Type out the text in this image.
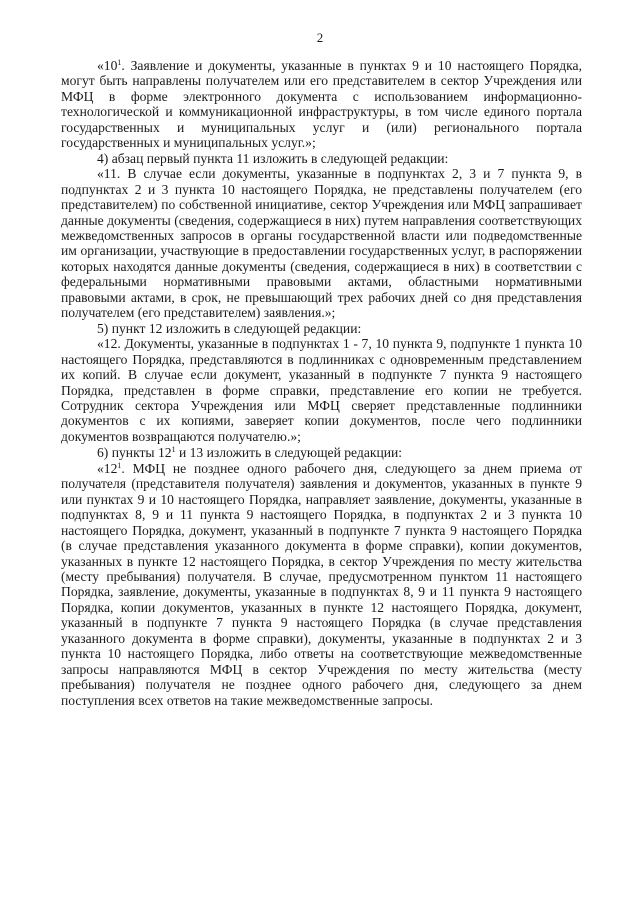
2

«$10^1$. Заявление и документы, указанные в пунктах 9 и 10 настоящего Порядка, могут быть направлены получателем или его представителем в сектор Учреждения или МФЦ в форме электронного документа с использованием информационно-технологической и коммуникационной инфраструктуры, в том числе единого портала государственных и муниципальных услуг и (или) регионального портала государственных и муниципальных услуг.»;

4) абзац первый пункта 11 изложить в следующей редакции:

«11. В случае если документы, указанные в подпунктах 2, 3 и 7 пункта 9, в подпунктах 2 и 3 пункта 10 настоящего Порядка, не представлены получателем (его представителем) по собственной инициативе, сектор Учреждения или МФЦ запрашивает данные документы (сведения, содержащиеся в них) путем направления соответствующих межведомственных запросов в органы государственной власти или подведомственные им организации, участвующие в предоставлении государственных услуг, в распоряжении которых находятся данные документы (сведения, содержащиеся в них) в соответствии с федеральными нормативными правовыми актами, областными нормативными правовыми актами, в срок, не превышающий трех рабочих дней со дня представления получателем (его представителем) заявления.»;

5) пункт 12 изложить в следующей редакции:

«12. Документы, указанные в подпунктах 1 - 7, 10 пункта 9, подпункте 1 пункта 10 настоящего Порядка, представляются в подлинниках с одновременным представлением их копий. В случае если документ, указанный в подпункте 7 пункта 9 настоящего Порядка, представлен в форме справки, представление его копии не требуется. Сотрудник сектора Учреждения или МФЦ сверяет представленные подлинники документов с их копиями, заверяет копии документов, после чего подлинники документов возвращаются получателю.»;

6) пункты $12^1$ и 13 изложить в следующей редакции:

«$12^1$. МФЦ не позднее одного рабочего дня, следующего за днем приема от получателя (представителя получателя) заявления и документов, указанных в пункте 9 или пунктах 9 и 10 настоящего Порядка, направляет заявление, документы, указанные в подпунктах 8, 9 и 11 пункта 9 настоящего Порядка, в подпунктах 2 и 3 пункта 10 настоящего Порядка, документ, указанный в подпункте 7 пункта 9 настоящего Порядка (в случае представления указанного документа в форме справки), копии документов, указанных в пункте 12 настоящего Порядка, в сектор Учреждения по месту жительства (месту пребывания) получателя. В случае, предусмотренном пунктом 11 настоящего Порядка, заявление, документы, указанные в подпунктах 8, 9 и 11 пункта 9 настоящего Порядка, копии документов, указанных в пункте 12 настоящего Порядка, документ, указанный в подпункте 7 пункта 9 настоящего Порядка (в случае представления указанного документа в форме справки), документы, указанные в подпунктах 2 и 3 пункта 10 настоящего Порядка, либо ответы на соответствующие межведомственные запросы направляются МФЦ в сектор Учреждения по месту жительства (месту пребывания) получателя не позднее одного рабочего дня, следующего за днем поступления всех ответов на такие межведомственные запросы.
